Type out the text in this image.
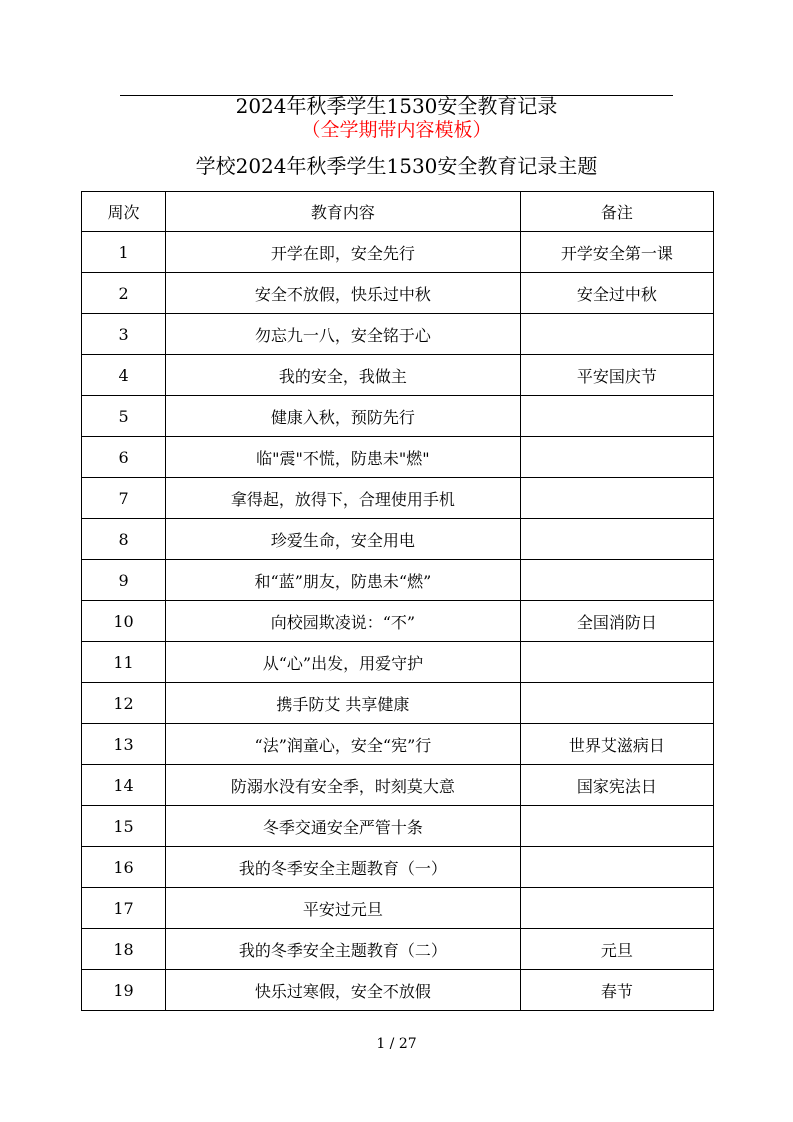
2024年秋季学生1530安全教育记录
（全学期带内容模板）
学校2024年秋季学生1530安全教育记录主题
周次	教育内容	备注
1	开学在即，安全先行	开学安全第一课
2	安全不放假，快乐过中秋	安全过中秋
3	勿忘九一八，安全铭于心	
4	我的安全，我做主	平安国庆节
5	健康入秋，预防先行	
6	临"震"不慌，防患未"燃"	
7	拿得起，放得下，合理使用手机	
8	珍爱生命，安全用电	
9	和“蓝”朋友，防患未“燃”	
10	向校园欺凌说：“不”	全国消防日
11	从“心”出发，用爱守护	
12	携手防艾 共享健康	
13	“法”润童心，安全“宪”行	世界艾滋病日
14	防溺水没有安全季，时刻莫大意	国家宪法日
15	冬季交通安全严管十条	
16	我的冬季安全主题教育（一）	
17	平安过元旦	
18	我的冬季安全主题教育（二）	元旦
19	快乐过寒假，安全不放假	春节
1 / 27
